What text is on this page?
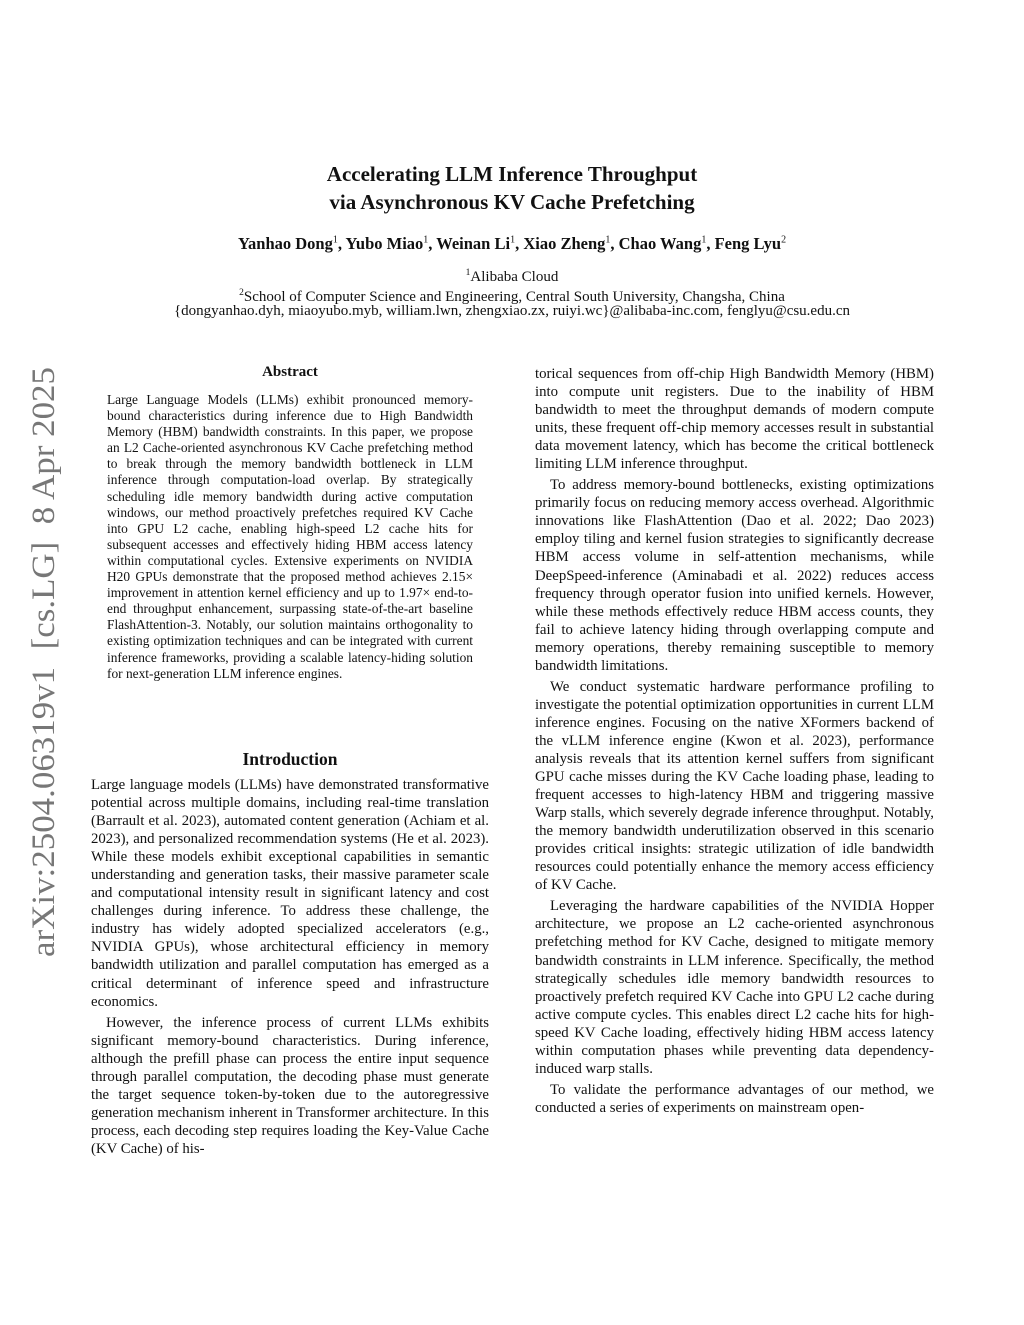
arXiv:2504.06319v1  [cs.LG]  8 Apr 2025
Accelerating LLM Inference Throughput
via Asynchronous KV Cache Prefetching
Yanhao Dong$^1$, Yubo Miao$^1$, Weinan Li$^1$, Xiao Zheng$^1$, Chao Wang$^1$, Feng Lyu$^2$
$^1$Alibaba Cloud
$^2$School of Computer Science and Engineering, Central South University, Changsha, China
{dongyanhao.dyh, miaoyubo.myb, william.lwn, zhengxiao.zx, ruiyi.wc}@alibaba-inc.com, fenglyu@csu.edu.cn
Abstract

Large Language Models (LLMs) exhibit pronounced memory-bound characteristics during inference due to High Bandwidth Memory (HBM) bandwidth constraints. In this paper, we propose an L2 Cache-oriented asynchronous KV Cache prefetching method to break through the memory bandwidth bottleneck in LLM inference through computation-load overlap. By strategically scheduling idle memory bandwidth during active computation windows, our method proactively prefetches required KV Cache into GPU L2 cache, enabling high-speed L2 cache hits for subsequent accesses and effectively hiding HBM access latency within computational cycles. Extensive experiments on NVIDIA H20 GPUs demonstrate that the proposed method achieves 2.15× improvement in attention kernel efficiency and up to 1.97× end-to-end throughput enhancement, surpassing state-of-the-art baseline FlashAttention-3. Notably, our solution maintains orthogonality to existing optimization techniques and can be integrated with current inference frameworks, providing a scalable latency-hiding solution for next-generation LLM inference engines.

Introduction

Large language models (LLMs) have demonstrated transformative potential across multiple domains, including real-time translation (Barrault et al. 2023), automated content generation (Achiam et al. 2023), and personalized recommendation systems (He et al. 2023). While these models exhibit exceptional capabilities in semantic understanding and generation tasks, their massive parameter scale and computational intensity result in significant latency and cost challenges during inference. To address these challenge, the industry has widely adopted specialized accelerators (e.g., NVIDIA GPUs), whose architectural efficiency in memory bandwidth utilization and parallel computation has emerged as a critical determinant of inference speed and infrastructure economics.

However, the inference process of current LLMs exhibits significant memory-bound characteristics. During inference, although the prefill phase can process the entire input sequence through parallel computation, the decoding phase must generate the target sequence token-by-token due to the autoregressive generation mechanism inherent in Transformer architecture. In this process, each decoding step requires loading the Key-Value Cache (KV Cache) of his-

torical sequences from off-chip High Bandwidth Memory (HBM) into compute unit registers. Due to the inability of HBM bandwidth to meet the throughput demands of modern compute units, these frequent off-chip memory accesses result in substantial data movement latency, which has become the critical bottleneck limiting LLM inference throughput.

To address memory-bound bottlenecks, existing optimizations primarily focus on reducing memory access overhead. Algorithmic innovations like FlashAttention (Dao et al. 2022; Dao 2023) employ tiling and kernel fusion strategies to significantly decrease HBM access volume in self-attention mechanisms, while DeepSpeed-inference (Aminabadi et al. 2022) reduces access frequency through operator fusion into unified kernels. However, while these methods effectively reduce HBM access counts, they fail to achieve latency hiding through overlapping compute and memory operations, thereby remaining susceptible to memory bandwidth limitations.

We conduct systematic hardware performance profiling to investigate the potential optimization opportunities in current LLM inference engines. Focusing on the native XFormers backend of the vLLM inference engine (Kwon et al. 2023), performance analysis reveals that its attention kernel suffers from significant GPU cache misses during the KV Cache loading phase, leading to frequent accesses to high-latency HBM and triggering massive Warp stalls, which severely degrade inference throughput. Notably, the memory bandwidth underutilization observed in this scenario provides critical insights: strategic utilization of idle bandwidth resources could potentially enhance the memory access efficiency of KV Cache.

Leveraging the hardware capabilities of the NVIDIA Hopper architecture, we propose an L2 cache-oriented asynchronous prefetching method for KV Cache, designed to mitigate memory bandwidth constraints in LLM inference. Specifically, the method strategically schedules idle memory bandwidth resources to proactively prefetch required KV Cache into GPU L2 cache during active compute cycles. This enables direct L2 cache hits for high-speed KV Cache loading, effectively hiding HBM access latency within computation phases while preventing data dependency-induced warp stalls.

To validate the performance advantages of our method, we conducted a series of experiments on mainstream open-
